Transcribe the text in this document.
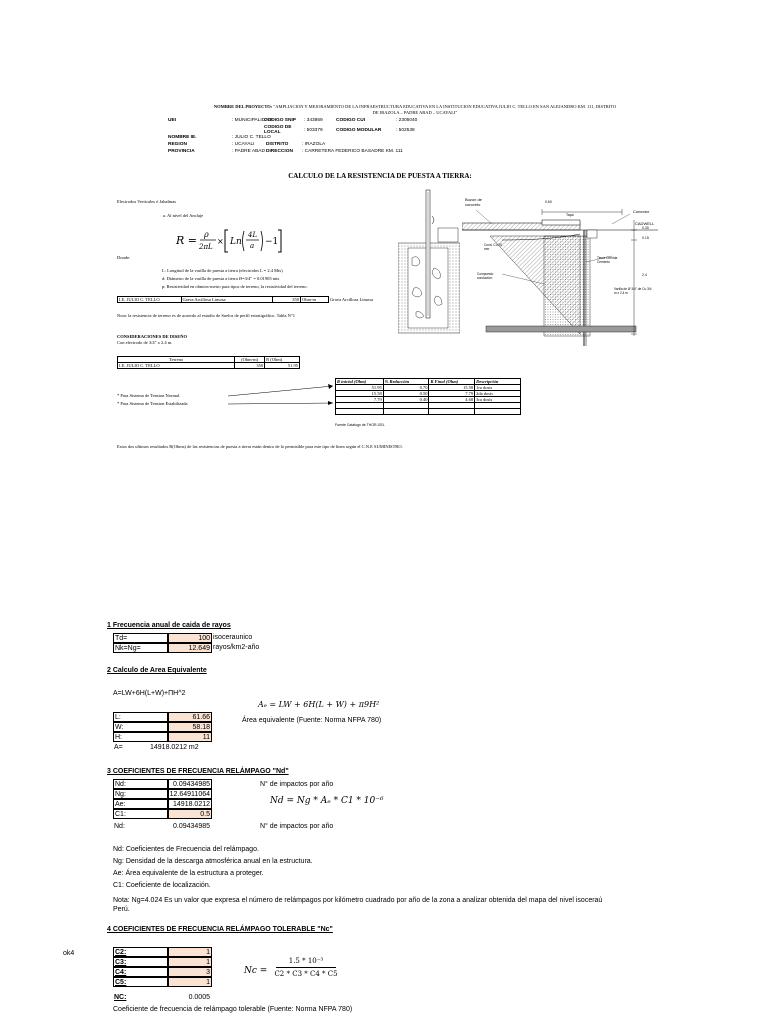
NOMBRE DEL PROYECTO: "AMPLIACION Y MEJORAMIENTO DE LA INFRAESTRUCTURA EDUCATIVA EN LA INSTITUCION EDUCATIVA JULIO C. TELLO EN SAN ALEJANDRO KM. 111, DISTRITO
DE IRAZOLA – PADRE ABAD – UCAYALI"
UEI	: MUNICIPALIDAD
CODIGO SNIP : 343869	CODIGO CUI	: 2305040
CODIGO DE LOCAL	: 503379	CODIGO MODULAR	: 502538
NOMBRE IE.	: JULIO C. TELLO
REGION	: UCAYALI DISTRITO	: IRAZOLA
PROVINCIA	: PADRE ABAD DIRECCION : CARRETERA FEDERICO BASADRE KM. 111
CALCULO DE LA RESISTENCIA DE PUESTA A TIERRA:
Electrodos Verticales ó Jabalinas
a. Al nivel del Anclaje
R = ρ
2πL
× Ln
4L
a −1
Donde:
L: Longitud de la varilla de puesta a tierra (electrodos L = 2.4 Mts)
d: Diámetro de la varilla de puesta a tierra Ø=3/4" = 0.01905 mts
p: Resistividad en ohmios-metro para tipos de terreno, la resistividad del terreno.
I.E. JULIO C. TELLO	Grava Arcillosa Limosa	350	Ohm-m	Grava Arcillosa Limosa
Nota: la resistencia de terreno es de acuerdo al estudio de Suelos de perfil estratigráfico. Tabla N°1
CONSIDERACIONES DE DISEÑO
Con electrodo de 3/4" x 2.4 m.
Terreno	(Ohm-m)	R (Ohm)
I.E. JULIO C. TELLO	350	51.95
* Para Sistema de Tension Normal.
* Para Sistema de Tension Estabilizada
R inicial (Ohm)	% Reducción	R Final (Ohm)	Descripción
51.95	0.70	15.58	1ra dosis
15.58	0.50	7.79	2da dosis
7.79	0.40	4.68	3ra dosis

Fuente Catalogo de THOR-GEL
Estos dos ultimos resultados R(Ohms) de las resistencias de puesta a tierra están dentro de lo permisible para este tipo de linea según el C.N.E SUMINISTRO.
Buzon de concreto	0.60
Tapa
Conector
CADWELL
0.30
0.15
2.4
Cond. Cu 25 mm
Compuesto conductivo
Tierra Cernida Cemento
Varilla de Ø 3/4" de Cu 3/4 m x 2.4 m
1 Frecuencia anual de caida de rayos
Td=	100 isoceraunico
Nk=Ng=	12.649 rayos/km2-año
2 Calculo de Area Equivalente
A=LW+6H(L+W)+ΠH^2
Aₑ = LW + 6H(L + W) + π9H²
Área equivalente (Fuente: Norma NFPA 780)
L:	61.66
W:	58.18
H:	11
A=	14918.0212 m2
3 COEFICIENTES DE FRECUENCIA RELÁMPAGO "Nd"
Nd:	0.09434985
Ng:	12.64911064
Ae:	14918.0212
C1:	0.5
Nd:	0.09434985
N° de impactos por año
Nd = Ng * Aₑ * C1 * 10⁻⁶
N° de impactos por año
Nd: Coeficientes de Frecuencia del relámpago.
Ng: Densidad de la descarga atmosférica anual en la estructura.
Ae: Área equivalente de la estructura a proteger.
C1: Coeficiente de localización.
Nota: Ng=4.024 Es un valor que expresa el número de relámpagos por kilómetro cuadrado por año de la zona a analizar obtenida del mapa del nivel isoceraú
Perú.
4 COEFICIENTES DE FRECUENCIA RELÁMPAGO TOLERABLE "Nc"
ok4	C2:	1
C3:	1
C4:	3
C5:	1
NC:	0.0005
Nc =
1.5 * 10⁻³
C2 * C3 * C4 * C5
Coeficiente de frecuencia de relámpago tolerable (Fuente: Norma NFPA 780)
